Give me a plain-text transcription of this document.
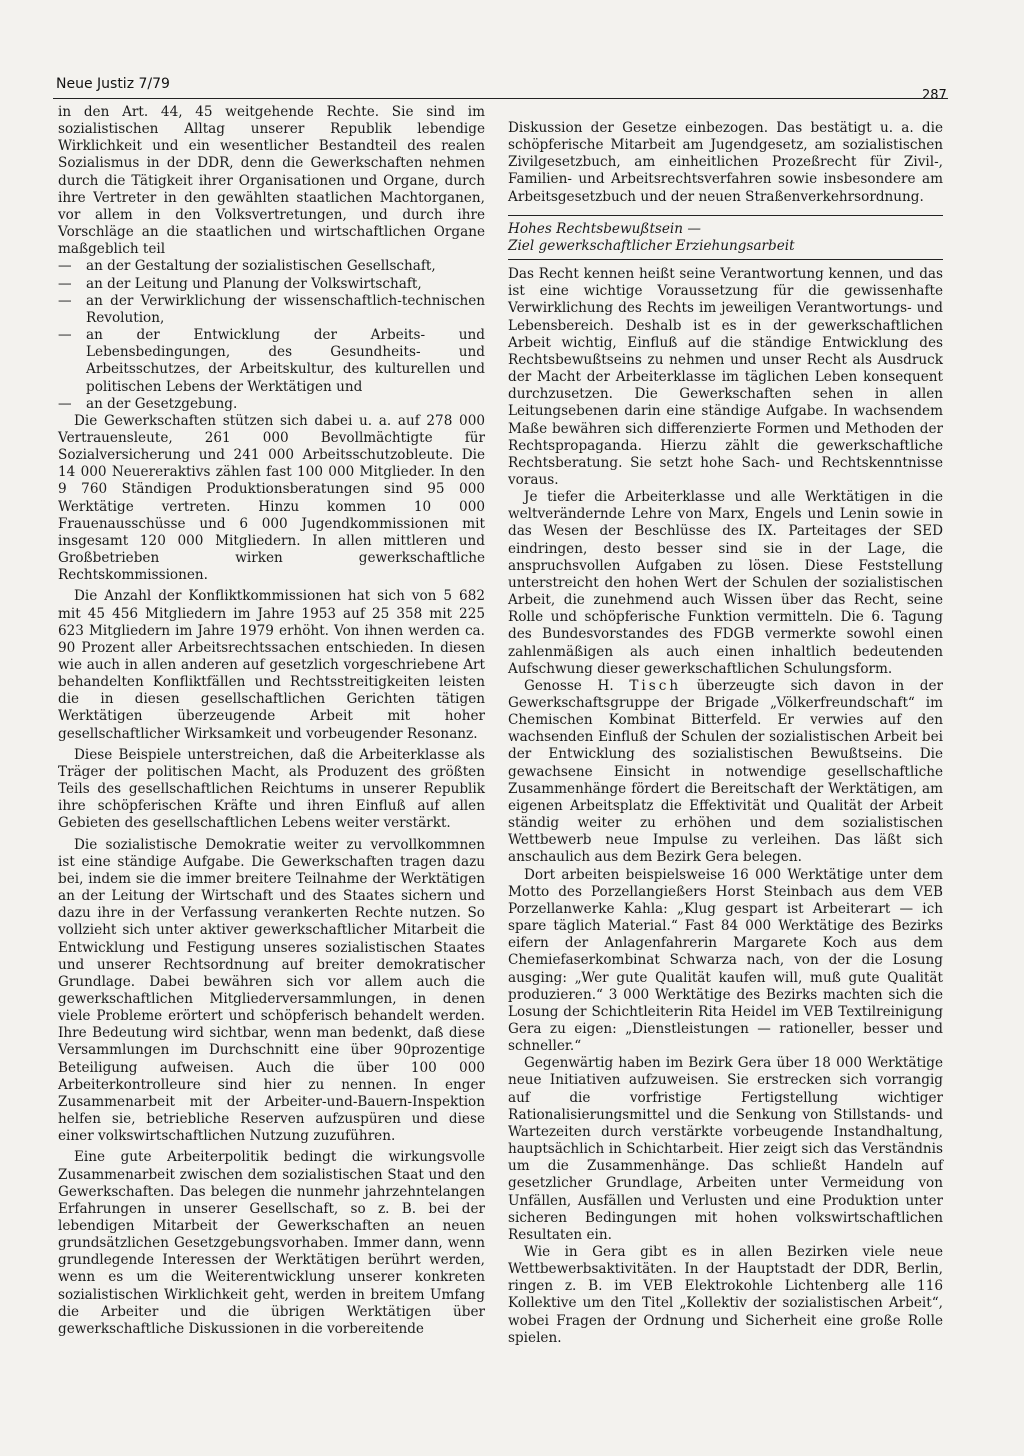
Neue Justiz 7/79
287

in den Art. 44, 45 weitgehende Rechte. Sie sind im sozialistischen Alltag unserer Republik lebendige Wirklichkeit und ein wesentlicher Bestandteil des realen Sozialismus in der DDR, denn die Gewerkschaften nehmen durch die Tätigkeit ihrer Organisationen und Organe, durch ihre Vertreter in den gewählten staatlichen Machtorganen, vor allem in den Volksvertretungen, und durch ihre Vorschläge an die staatlichen und wirtschaftlichen Organe maßgeblich teil

— an der Gestaltung der sozialistischen Gesellschaft,
— an der Leitung und Planung der Volkswirtschaft,
— an der Verwirklichung der wissenschaftlich-technischen Revolution,
— an der Entwicklung der Arbeits- und Lebensbedingungen, des Gesundheits- und Arbeitsschutzes, der Arbeitskultur, des kulturellen und politischen Lebens der Werktätigen und
— an der Gesetzgebung.

Die Gewerkschaften stützen sich dabei u. a. auf 278 000 Vertrauensleute, 261 000 Bevollmächtigte für Sozialversicherung und 241 000 Arbeitsschutzobleute. Die 14 000 Neuereraktivs zählen fast 100 000 Mitglieder. In den 9 760 Ständigen Produktionsberatungen sind 95 000 Werktätige vertreten. Hinzu kommen 10 000 Frauenausschüsse und 6 000 Jugendkommissionen mit insgesamt 120 000 Mitgliedern. In allen mittleren und Großbetrieben wirken gewerkschaftliche Rechtskommissionen.

Die Anzahl der Konfliktkommissionen hat sich von 5 682 mit 45 456 Mitgliedern im Jahre 1953 auf 25 358 mit 225 623 Mitgliedern im Jahre 1979 erhöht. Von ihnen werden ca. 90 Prozent aller Arbeitsrechtssachen entschieden. In diesen wie auch in allen anderen auf gesetzlich vorgeschriebene Art behandelten Konfliktfällen und Rechtsstreitigkeiten leisten die in diesen gesellschaftlichen Gerichten tätigen Werktätigen überzeugende Arbeit mit hoher gesellschaftlicher Wirksamkeit und vorbeugender Resonanz.

Diese Beispiele unterstreichen, daß die Arbeiterklasse als Träger der politischen Macht, als Produzent des größten Teils des gesellschaftlichen Reichtums in unserer Republik ihre schöpferischen Kräfte und ihren Einfluß auf allen Gebieten des gesellschaftlichen Lebens weiter verstärkt.

Die sozialistische Demokratie weiter zu vervollkommnen ist eine ständige Aufgabe. Die Gewerkschaften tragen dazu bei, indem sie die immer breitere Teilnahme der Werktätigen an der Leitung der Wirtschaft und des Staates sichern und dazu ihre in der Verfassung verankerten Rechte nutzen. So vollzieht sich unter aktiver gewerkschaftlicher Mitarbeit die Entwicklung und Festigung unseres sozialistischen Staates und unserer Rechtsordnung auf breiter demokratischer Grundlage. Dabei bewähren sich vor allem auch die gewerkschaftlichen Mitgliederversammlungen, in denen viele Probleme erörtert und schöpferisch behandelt werden. Ihre Bedeutung wird sichtbar, wenn man bedenkt, daß diese Versammlungen im Durchschnitt eine über 90prozentige Beteiligung aufweisen. Auch die über 100 000 Arbeiterkontrolleure sind hier zu nennen. In enger Zusammenarbeit mit der Arbeiter-und-Bauern-Inspektion helfen sie, betriebliche Reserven aufzuspüren und diese einer volkswirtschaftlichen Nutzung zuzuführen.

Eine gute Arbeiterpolitik bedingt die wirkungsvolle Zusammenarbeit zwischen dem sozialistischen Staat und den Gewerkschaften. Das belegen die nunmehr jahrzehntelangen Erfahrungen in unserer Gesellschaft, so z. B. bei der lebendigen Mitarbeit der Gewerkschaften an neuen grundsätzlichen Gesetzgebungsvorhaben. Immer dann, wenn grundlegende Interessen der Werktätigen berührt werden, wenn es um die Weiterentwicklung unserer konkreten sozialistischen Wirklichkeit geht, werden in breitem Umfang die Arbeiter und die übrigen Werktätigen über gewerkschaftliche Diskussionen in die vorbereitende

Diskussion der Gesetze einbezogen. Das bestätigt u. a. die schöpferische Mitarbeit am Jugendgesetz, am sozialistischen Zivilgesetzbuch, am einheitlichen Prozeßrecht für Zivil-, Familien- und Arbeitsrechtsverfahren sowie insbesondere am Arbeitsgesetzbuch und der neuen Straßenverkehrsordnung.

Hohes Rechtsbewußtsein —
Ziel gewerkschaftlicher Erziehungsarbeit

Das Recht kennen heißt seine Verantwortung kennen, und das ist eine wichtige Voraussetzung für die gewissenhafte Verwirklichung des Rechts im jeweiligen Verantwortungs- und Lebensbereich. Deshalb ist es in der gewerkschaftlichen Arbeit wichtig, Einfluß auf die ständige Entwicklung des Rechtsbewußtseins zu nehmen und unser Recht als Ausdruck der Macht der Arbeiterklasse im täglichen Leben konsequent durchzusetzen. Die Gewerkschaften sehen in allen Leitungsebenen darin eine ständige Aufgabe. In wachsendem Maße bewähren sich differenzierte Formen und Methoden der Rechtspropaganda. Hierzu zählt die gewerkschaftliche Rechtsberatung. Sie setzt hohe Sach- und Rechtskenntnisse voraus.

Je tiefer die Arbeiterklasse und alle Werktätigen in die weltverändernde Lehre von Marx, Engels und Lenin sowie in das Wesen der Beschlüsse des IX. Parteitages der SED eindringen, desto besser sind sie in der Lage, die anspruchsvollen Aufgaben zu lösen. Diese Feststellung unterstreicht den hohen Wert der Schulen der sozialistischen Arbeit, die zunehmend auch Wissen über das Recht, seine Rolle und schöpferische Funktion vermitteln. Die 6. Tagung des Bundesvorstandes des FDGB vermerkte sowohl einen zahlenmäßigen als auch einen inhaltlich bedeutenden Aufschwung dieser gewerkschaftlichen Schulungsform.

Genosse H. Tisch überzeugte sich davon in der Gewerkschaftsgruppe der Brigade „Völkerfreundschaft“ im Chemischen Kombinat Bitterfeld. Er verwies auf den wachsenden Einfluß der Schulen der sozialistischen Arbeit bei der Entwicklung des sozialistischen Bewußtseins. Die gewachsene Einsicht in notwendige gesellschaftliche Zusammenhänge fördert die Bereitschaft der Werktätigen, am eigenen Arbeitsplatz die Effektivität und Qualität der Arbeit ständig weiter zu erhöhen und dem sozialistischen Wettbewerb neue Impulse zu verleihen. Das läßt sich anschaulich aus dem Bezirk Gera belegen.

Dort arbeiten beispielsweise 16 000 Werktätige unter dem Motto des Porzellangießers Horst Steinbach aus dem VEB Porzellanwerke Kahla: „Klug gespart ist Arbeiterart — ich spare täglich Material.“ Fast 84 000 Werktätige des Bezirks eifern der Anlagenfahrerin Margarete Koch aus dem Chemiefaserkombinat Schwarza nach, von der die Losung ausging: „Wer gute Qualität kaufen will, muß gute Qualität produzieren.“ 3 000 Werktätige des Bezirks machten sich die Losung der Schichtleiterin Rita Heidel im VEB Textilreinigung Gera zu eigen: „Dienstleistungen — rationeller, besser und schneller.“

Gegenwärtig haben im Bezirk Gera über 18 000 Werktätige neue Initiativen aufzuweisen. Sie erstrecken sich vorrangig auf die vorfristige Fertigstellung wichtiger Rationalisierungsmittel und die Senkung von Stillstands- und Wartezeiten durch verstärkte vorbeugende Instandhaltung, hauptsächlich in Schichtarbeit. Hier zeigt sich das Verständnis um die Zusammenhänge. Das schließt Handeln auf gesetzlicher Grundlage, Arbeiten unter Vermeidung von Unfällen, Ausfällen und Verlusten und eine Produktion unter sicheren Bedingungen mit hohen volkswirtschaftlichen Resultaten ein.

Wie in Gera gibt es in allen Bezirken viele neue Wettbewerbsaktivitäten. In der Hauptstadt der DDR, Berlin, ringen z. B. im VEB Elektrokohle Lichtenberg alle 116 Kollektive um den Titel „Kollektiv der sozialistischen Arbeit“, wobei Fragen der Ordnung und Sicherheit eine große Rolle spielen.
